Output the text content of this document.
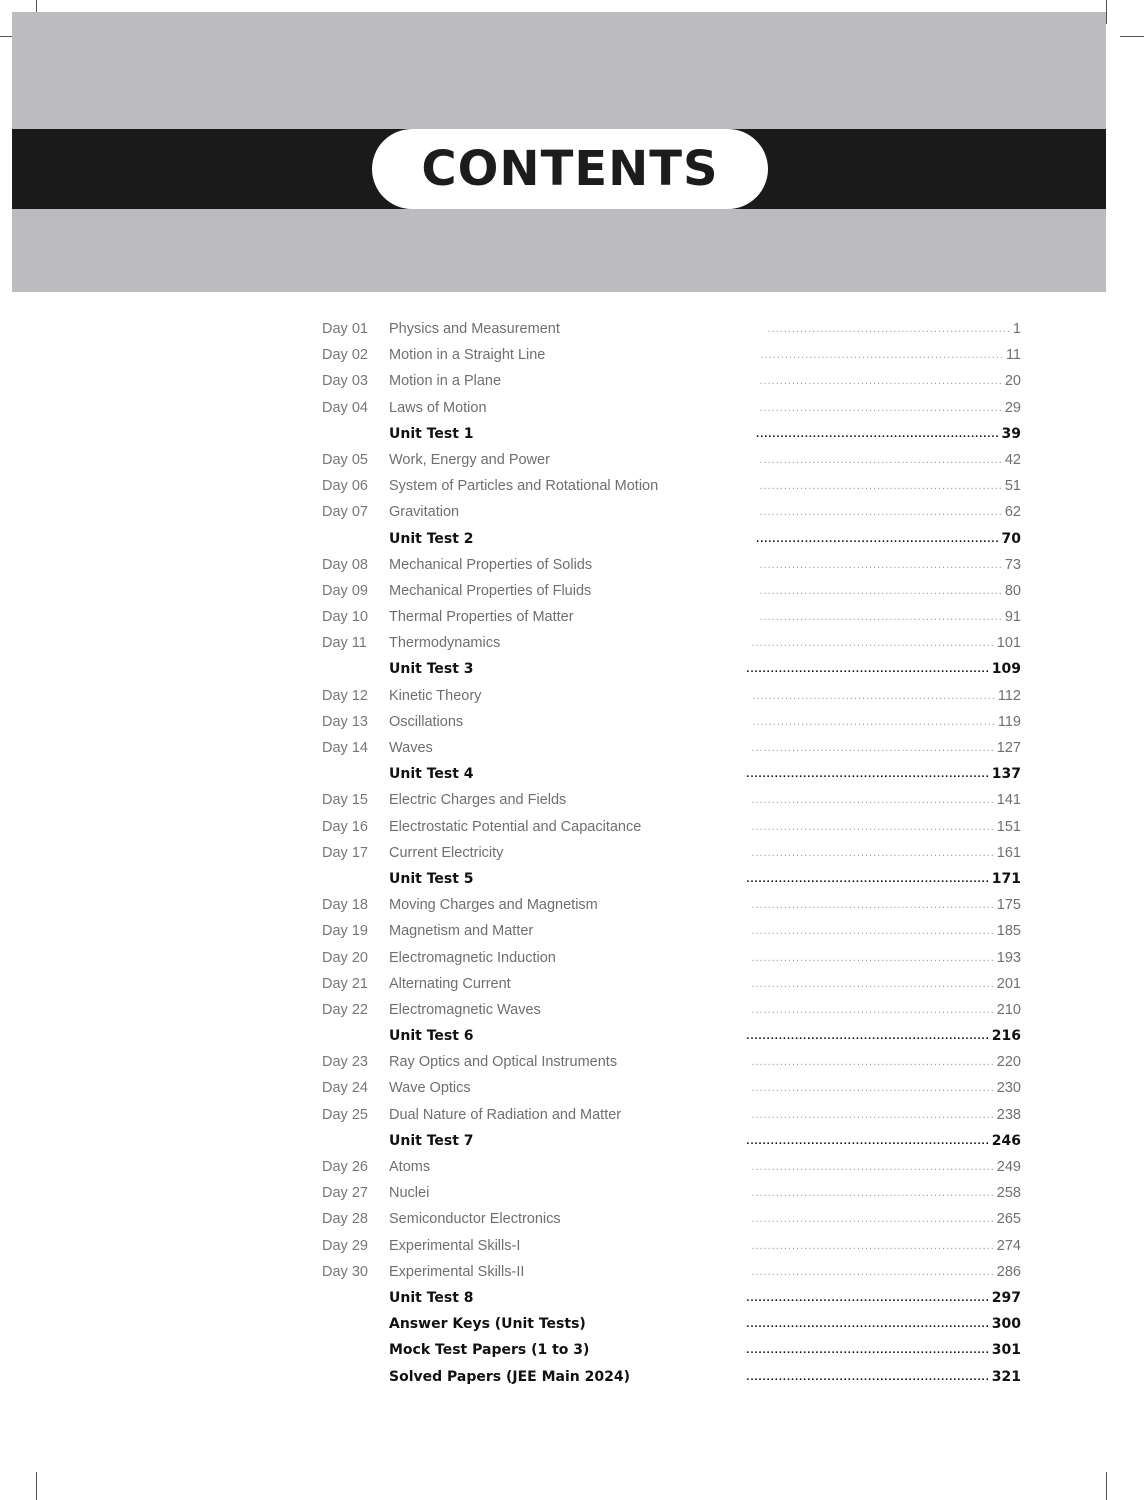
CONTENTS
Day 01 Physics and Measurement	............................................................ 1
Day 02 Motion in a Straight Line	............................................................ 11
Day 03 Motion in a Plane	............................................................ 20
Day 04 Laws of Motion	............................................................ 29
Unit Test 1	............................................................ 39
Day 05 Work, Energy and Power	............................................................ 42
Day 06 System of Particles and Rotational Motion	............................................................ 51
Day 07 Gravitation	............................................................ 62
Unit Test 2	............................................................ 70
Day 08 Mechanical Properties of Solids	............................................................ 73
Day 09 Mechanical Properties of Fluids	............................................................ 80
Day 10 Thermal Properties of Matter	............................................................ 91
Day 11 Thermodynamics	............................................................ 101
Unit Test 3	............................................................ 109
Day 12 Kinetic Theory	............................................................ 112
Day 13 Oscillations	............................................................ 119
Day 14 Waves	............................................................ 127
Unit Test 4	............................................................ 137
Day 15 Electric Charges and Fields	............................................................ 141
Day 16 Electrostatic Potential and Capacitance	............................................................ 151
Day 17 Current Electricity	............................................................ 161
Unit Test 5	............................................................ 171
Day 18 Moving Charges and Magnetism	............................................................ 175
Day 19 Magnetism and Matter	............................................................ 185
Day 20 Electromagnetic Induction	............................................................ 193
Day 21 Alternating Current	............................................................ 201
Day 22 Electromagnetic Waves	............................................................ 210
Unit Test 6	............................................................ 216
Day 23 Ray Optics and Optical Instruments	............................................................ 220
Day 24 Wave Optics	............................................................ 230
Day 25 Dual Nature of Radiation and Matter	............................................................ 238
Unit Test 7	............................................................ 246
Day 26 Atoms	............................................................ 249
Day 27 Nuclei	............................................................ 258
Day 28 Semiconductor Electronics	............................................................ 265
Day 29 Experimental Skills-I	............................................................ 274
Day 30 Experimental Skills-II	............................................................ 286
Unit Test 8	............................................................ 297
Answer Keys (Unit Tests)	............................................................ 300
Mock Test Papers (1 to 3)	............................................................ 301
Solved Papers (JEE Main 2024)	............................................................ 321
